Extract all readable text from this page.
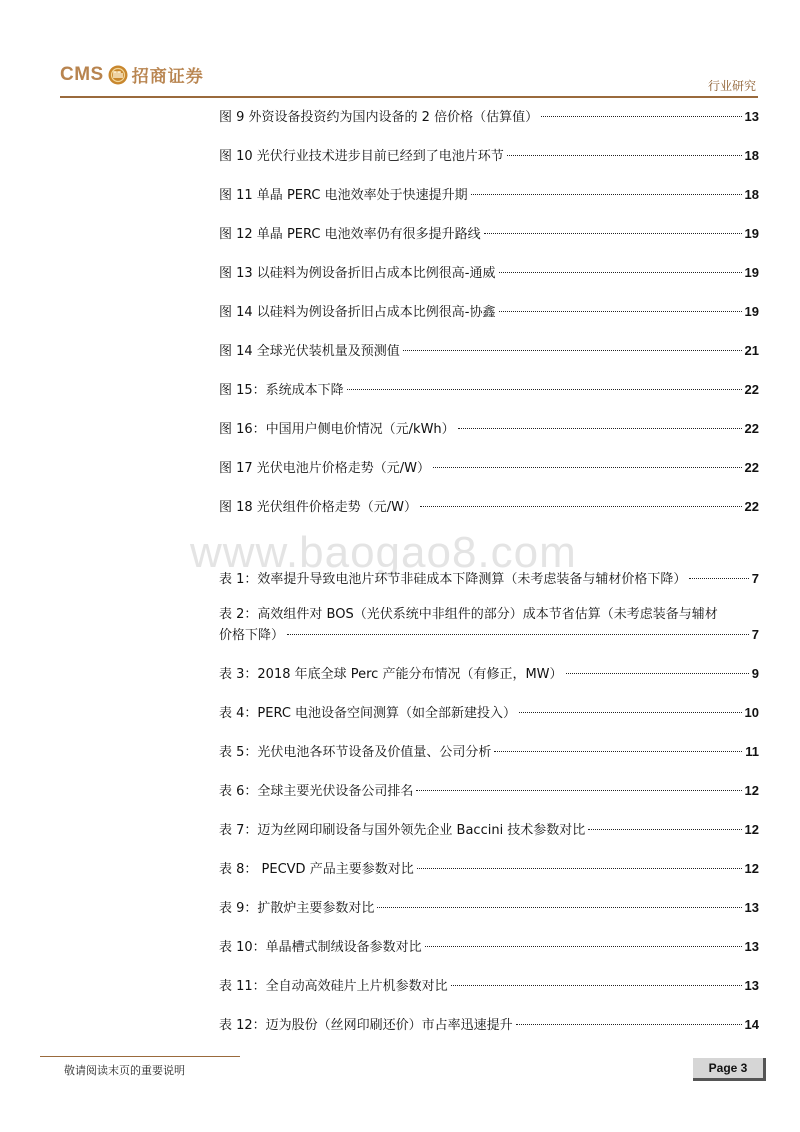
CMS 招商证券	行业研究
www.baogao8.com
图 9 外资设备投资约为国内设备的 2 倍价格（估算值）	13
图 10 光伏行业技术进步目前已经到了电池片环节	18
图 11 单晶 PERC 电池效率处于快速提升期	18
图 12 单晶 PERC 电池效率仍有很多提升路线	19
图 13 以硅料为例设备折旧占成本比例很高-通威	19
图 14 以硅料为例设备折旧占成本比例很高-协鑫	19
图 14 全球光伏装机量及预测值	21
图 15：系统成本下降	22
图 16：中国用户侧电价情况（元/kWh）	22
图 17 光伏电池片价格走势（元/W）	22
图 18 光伏组件价格走势（元/W）	22
表 1：效率提升导致电池片环节非硅成本下降测算（未考虑装备与辅材价格下降）	7
表 2：高效组件对 BOS（光伏系统中非组件的部分）成本节省估算（未考虑装备与辅材
价格下降）	7
表 3：2018 年底全球 Perc 产能分布情况（有修正，MW）	9
表 4：PERC 电池设备空间测算（如全部新建投入）	10
表 5：光伏电池各环节设备及价值量、公司分析	11
表 6：全球主要光伏设备公司排名	12
表 7：迈为丝网印刷设备与国外领先企业 Baccini 技术参数对比	12
表 8： PECVD 产品主要参数对比	12
表 9：扩散炉主要参数对比	13
表 10：单晶槽式制绒设备参数对比	13
表 11：全自动高效硅片上片机参数对比	13
表 12：迈为股份（丝网印刷还价）市占率迅速提升	14
敬请阅读末页的重要说明	Page 3
